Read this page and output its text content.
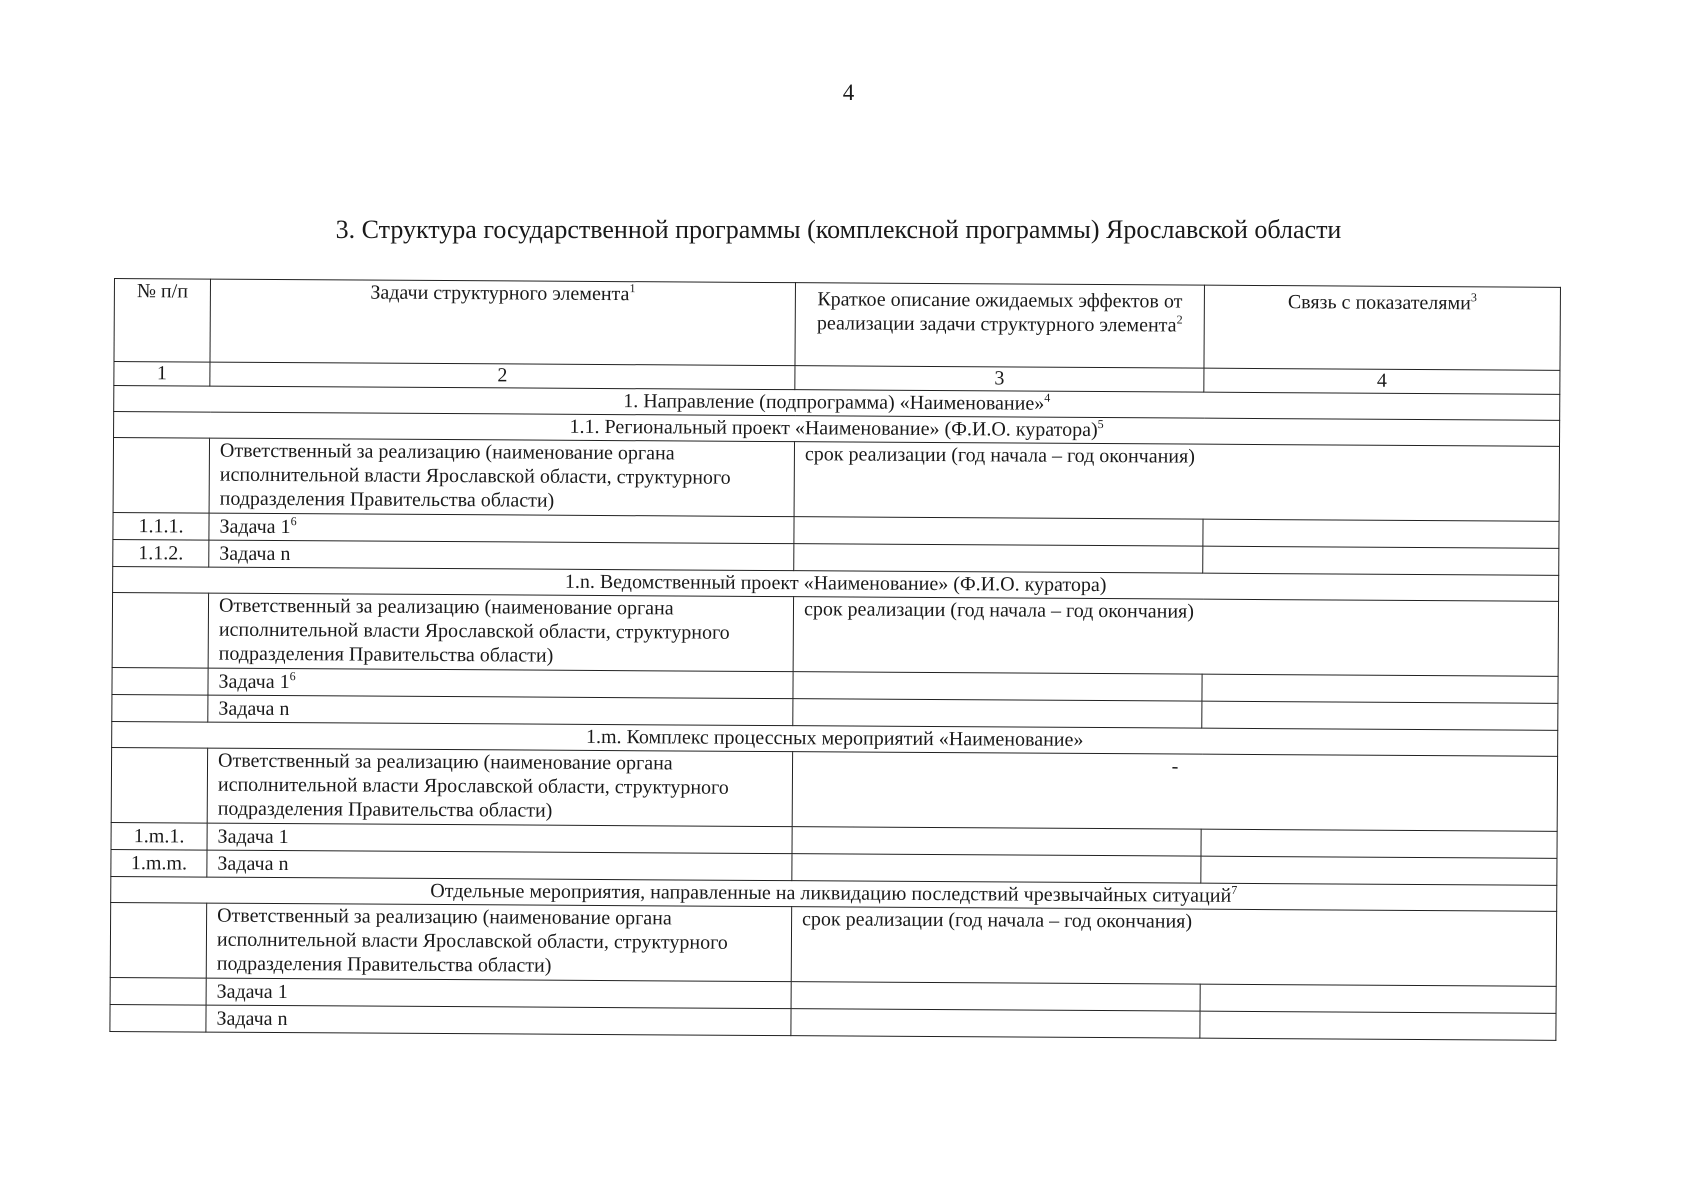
4
3. Структура государственной программы (комплексной программы) Ярославской области
№ п/п	Задачи структурного элемента$^1$	Краткое описание ожидаемых эффектов от реализации задачи структурного элемента$^2$	Связь с показателями$^3$
1	2	3	4
1. Направление (подпрограмма) «Наименование»$^4$
1.1. Региональный проект «Наименование» (Ф.И.О. куратора)$^5$
	Ответственный за реализацию (наименование органа исполнительной власти Ярославской области, структурного подразделения Правительства области)	срок реализации (год начала – год окончания)	
1.1.1.	Задача $1^6$		
1.1.2.	Задача n		
1.n. Ведомственный проект «Наименование» (Ф.И.О. куратора)			
	Ответственный за реализацию (наименование органа исполнительной власти Ярославской области, структурного подразделения Правительства области)	срок реализации (год начала – год окончания)	
	Задача $1^6$		
	Задача n		
1.m. Комплекс процессных мероприятий «Наименование»			
	Ответственный за реализацию (наименование органа исполнительной власти Ярославской области, структурного подразделения Правительства области)	-	
1.m.1.	Задача 1		
1.m.m.	Задача n		
Отдельные мероприятия, направленные на ликвидацию последствий чрезвычайных ситуаций$^7$
	Ответственный за реализацию (наименование органа исполнительной власти Ярославской области, структурного подразделения Правительства области)	срок реализации (год начала – год окончания)	
	Задача 1		
	Задача n		
